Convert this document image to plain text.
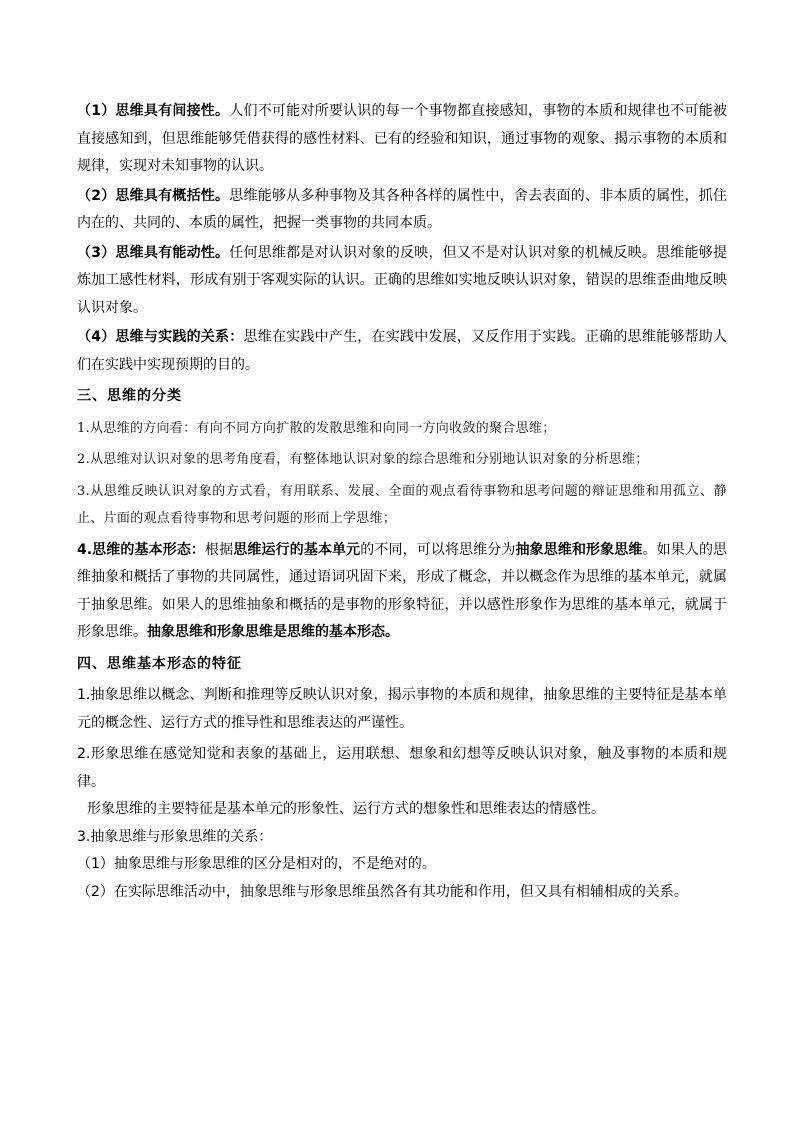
（1）思维具有间接性。人们不可能对所要认识的每一个事物都直接感知，事物的本质和规律也不可能被直接感知到，但思维能够凭借获得的感性材料、已有的经验和知识，通过事物的观象、揭示事物的本质和规律，实现对未知事物的认识。

（2）思维具有概括性。思维能够从多种事物及其各种各样的属性中，舍去表面的、非本质的属性，抓住内在的、共同的、本质的属性，把握一类事物的共同本质。

（3）思维具有能动性。任何思维都是对认识对象的反映，但又不是对认识对象的机械反映。思维能够提炼加工感性材料，形成有别于客观实际的认识。正确的思维如实地反映认识对象，错误的思维歪曲地反映认识对象。

（4）思维与实践的关系：思维在实践中产生，在实践中发展，又反作用于实践。正确的思维能够帮助人们在实践中实现预期的目的。

三、思维的分类

1.从思维的方向看：有向不同方向扩散的发散思维和向同一方向收敛的聚合思维；

2.从思维对认识对象的思考角度看，有整体地认识对象的综合思维和分别地认识对象的分析思维；

3.从思维反映认识对象的方式看，有用联系、发展、全面的观点看待事物和思考问题的辩证思维和用孤立、静止、片面的观点看待事物和思考问题的形而上学思维；

4.思维的基本形态：根据思维运行的基本单元的不同，可以将思维分为抽象思维和形象思维。如果人的思维抽象和概括了事物的共同属性，通过语词巩固下来，形成了概念，并以概念作为思维的基本单元，就属于抽象思维。如果人的思维抽象和概括的是事物的形象特征，并以感性形象作为思维的基本单元，就属于形象思维。抽象思维和形象思维是思维的基本形态。

四、思维基本形态的特征

1.抽象思维以概念、判断和推理等反映认识对象，揭示事物的本质和规律，抽象思维的主要特征是基本单元的概念性、运行方式的推导性和思维表达的严谨性。

2.形象思维在感觉知觉和表象的基础上，运用联想、想象和幻想等反映认识对象，触及事物的本质和规律。
形象思维的主要特征是基本单元的形象性、运行方式的想象性和思维表达的情感性。

3.抽象思维与形象思维的关系：

（1）抽象思维与形象思维的区分是相对的，不是绝对的。

（2）在实际思维活动中，抽象思维与形象思维虽然各有其功能和作用，但又具有相辅相成的关系。
